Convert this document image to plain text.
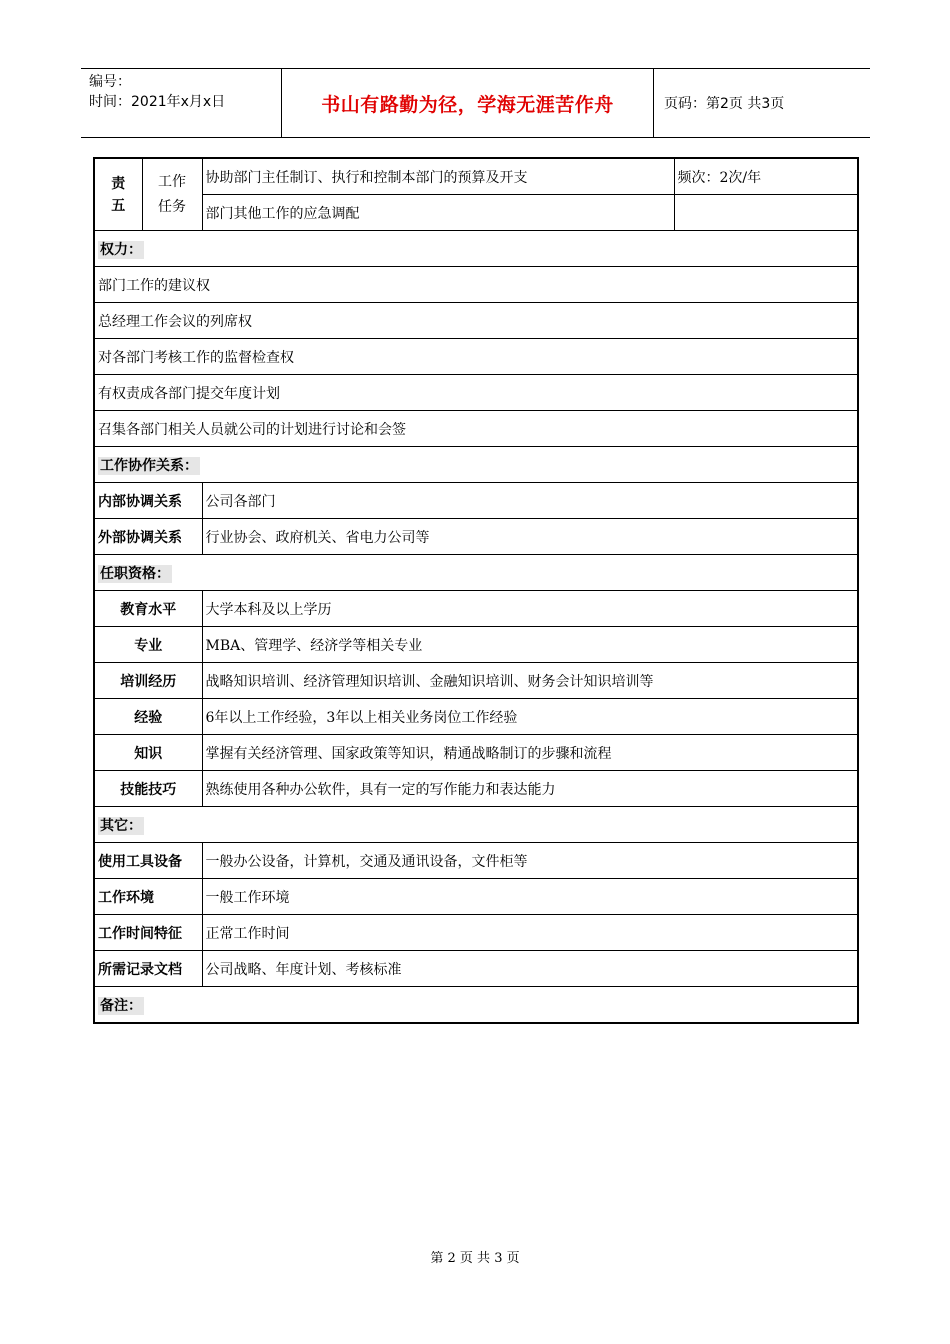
编号：
时间：2021年x月x日	书山有路勤为径，学海无涯苦作舟	页码：第2页 共3页
责五	工作任务	协助部门主任制订、执行和控制本部门的预算及开支	频次：2次/年
		部门其他工作的应急调配	
权力：			
部门工作的建议权			
总经理工作会议的列席权			
对各部门考核工作的监督检查权			
有权责成各部门提交年度计划			
召集各部门相关人员就公司的计划进行讨论和会签			
工作协作关系：			
内部协调关系		公司各部门	
外部协调关系		行业协会、政府机关、省电力公司等	
任职资格：			
教育水平		大学本科及以上学历	
专业		MBA、管理学、经济学等相关专业	
培训经历		战略知识培训、经济管理知识培训、金融知识培训、财务会计知识培训等	
经验		6年以上工作经验，3年以上相关业务岗位工作经验	
知识		掌握有关经济管理、国家政策等知识，精通战略制订的步骤和流程	
技能技巧		熟练使用各种办公软件，具有一定的写作能力和表达能力	
其它：			
使用工具设备		一般办公设备，计算机，交通及通讯设备，文件柜等	
工作环境		一般工作环境	
工作时间特征		正常工作时间	
所需记录文档		公司战略、年度计划、考核标准	
备注：			
第 2 页 共 3 页
